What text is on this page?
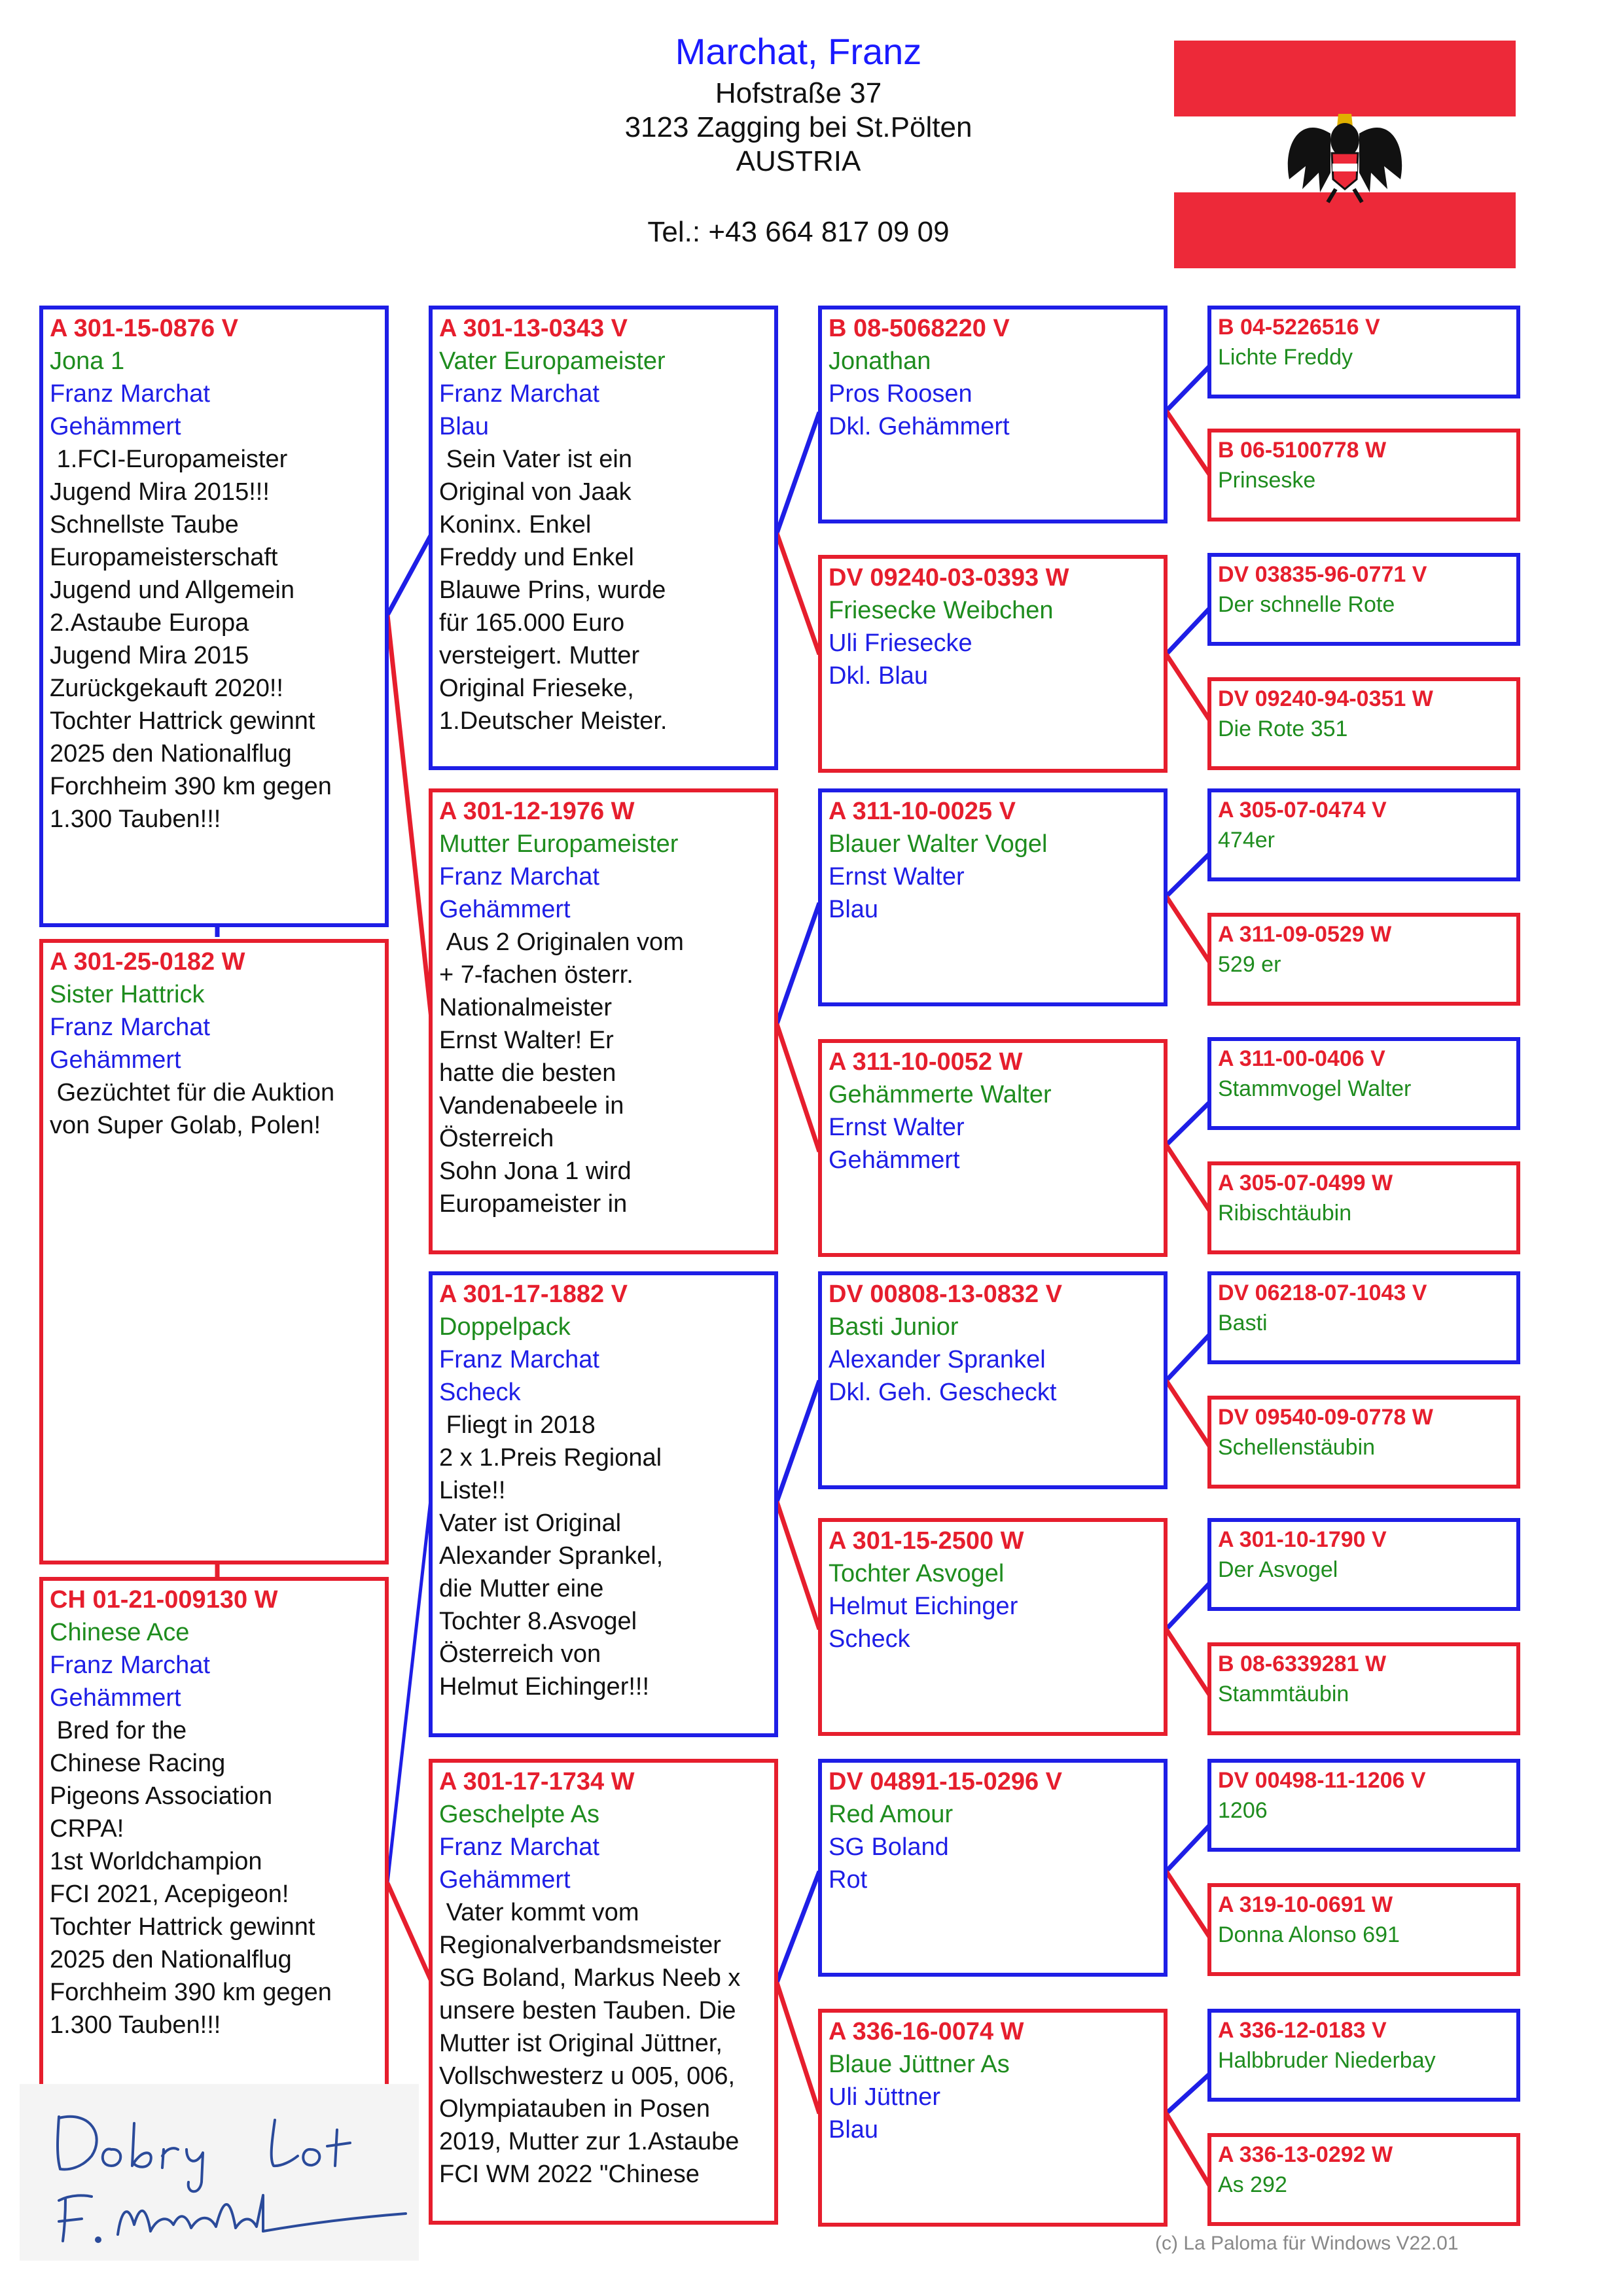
Marchat, Franz
Hofstraße 37
3123 Zagging bei St.Pölten
AUSTRIA
Tel.: +43 664 817 09 09
A 301-15-0876 V
Jona 1
Franz Marchat
Gehämmert
1.FCI-Europameister
Jugend Mira 2015!!!
Schnellste Taube
Europameisterschaft
Jugend und Allgemein
2.Astaube Europa
Jugend Mira 2015
Zurückgekauft 2020!!
Tochter Hattrick gewinnt
2025 den Nationalflug
Forchheim 390 km gegen
1.300 Tauben!!!
A 301-25-0182 W
Sister Hattrick
Franz Marchat
Gehämmert
Gezüchtet für die Auktion
von Super Golab, Polen!
CH 01-21-009130 W
Chinese Ace
Franz Marchat
Gehämmert
Bred for the
Chinese Racing
Pigeons Association
CRPA!
1st Worldchampion
FCI 2021, Acepigeon!
Tochter Hattrick gewinnt
2025 den Nationalflug
Forchheim 390 km gegen
1.300 Tauben!!!
A 301-13-0343 V
Vater Europameister
Franz Marchat
Blau
Sein Vater ist ein
Original von Jaak
Koninx. Enkel
Freddy und Enkel
Blauwe Prins, wurde
für 165.000 Euro
versteigert. Mutter
Original Frieseke,
1.Deutscher Meister.
A 301-12-1976 W
Mutter Europameister
Franz Marchat
Gehämmert
Aus 2 Originalen vom
+ 7-fachen österr.
Nationalmeister
Ernst Walter! Er
hatte die besten
Vandenabeele in
Österreich
Sohn Jona 1 wird
Europameister in
A 301-17-1882 V
Doppelpack
Franz Marchat
Scheck
Fliegt in 2018
2 x 1.Preis Regional
Liste!!
Vater ist Original
Alexander Sprankel,
die Mutter eine
Tochter 8.Asvogel
Österreich von
Helmut Eichinger!!!
A 301-17-1734 W
Geschelpte As
Franz Marchat
Gehämmert
Vater kommt vom
Regionalverbandsmeister
SG Boland, Markus Neeb x
unsere besten Tauben. Die
Mutter ist Original Jüttner,
Vollschwesterz u 005, 006,
Olympiatauben in Posen
2019, Mutter zur 1.Astaube
FCI WM 2022 "Chinese
B 08-5068220 V
Jonathan
Pros Roosen
Dkl. Gehämmert
DV 09240-03-0393 W
Friesecke Weibchen
Uli Friesecke
Dkl. Blau
A 311-10-0025 V
Blauer Walter Vogel
Ernst Walter
Blau
A 311-10-0052 W
Gehämmerte Walter
Ernst Walter
Gehämmert
DV 00808-13-0832 V
Basti Junior
Alexander Sprankel
Dkl. Geh. Gescheckt
A 301-15-2500 W
Tochter Asvogel
Helmut Eichinger
Scheck
DV 04891-15-0296 V
Red Amour
SG Boland
Rot
A 336-16-0074 W
Blaue Jüttner As
Uli Jüttner
Blau
B 04-5226516 V
Lichte Freddy
B 06-5100778 W
Prinseske
DV 03835-96-0771 V
Der schnelle Rote
DV 09240-94-0351 W
Die Rote 351
A 305-07-0474 V
474er
A 311-09-0529 W
529 er
A 311-00-0406 V
Stammvogel Walter
A 305-07-0499 W
Ribischtäubin
DV 06218-07-1043 V
Basti
DV 09540-09-0778 W
Schellenstäubin
A 301-10-1790 V
Der Asvogel
B 08-6339281 W
Stammtäubin
DV 00498-11-1206 V
1206
A 319-10-0691 W
Donna Alonso 691
A 336-12-0183 V
Halbbruder Niederbay
A 336-13-0292 W
As 292
(c) La Paloma für Windows V22.01
